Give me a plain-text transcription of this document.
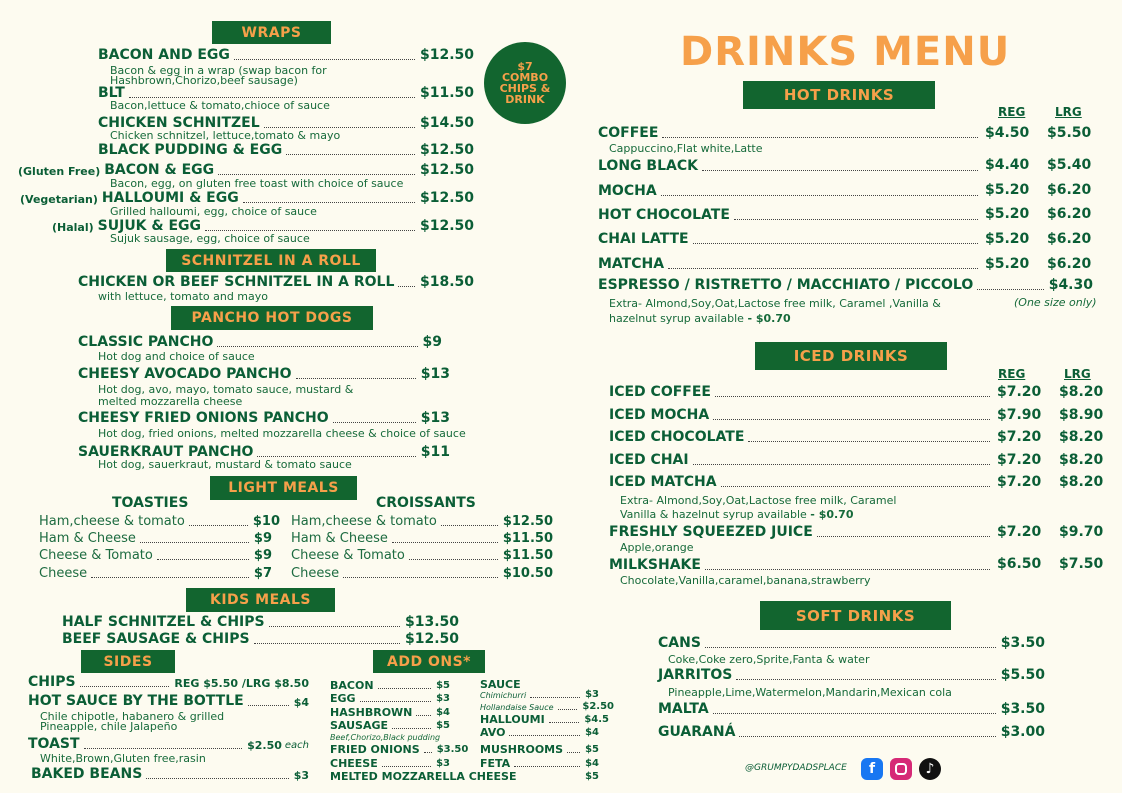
$7
COMBO
CHIPS &
DRINK
WRAPS
BACON AND EGG	$12.50
Bacon & egg in a wrap (swap bacon for
Hashbrown,Chorizo,beef sausage)
BLT	$11.50
Bacon,lettuce & tomato,chioce of sauce
CHICKEN SCHNITZEL	$14.50
Chicken schnitzel, lettuce,tomato & mayo
BLACK PUDDING & EGG	$12.50
(Gluten Free) BACON & EGG	$12.50
Bacon, egg, on gluten free toast with choice of sauce
(Vegetarian) HALLOUMI & EGG	$12.50
Grilled halloumi, egg, choice of sauce
(Halal) SUJUK & EGG	$12.50
Sujuk sausage, egg, choice of sauce
SCHNITZEL IN A ROLL
CHICKEN OR BEEF SCHNITZEL IN A ROLL $18.50
with lettuce, tomato and mayo
PANCHO HOT DOGS
CLASSIC PANCHO	$9
Hot dog and choice of sauce
CHEESY AVOCADO PANCHO	$13
Hot dog, avo, mayo, tomato sauce, mustard &
melted mozzarella cheese
CHEESY FRIED ONIONS PANCHO	$13
Hot dog, fried onions, melted mozzarella cheese & choice of sauce
SAUERKRAUT PANCHO	$11
Hot dog, sauerkraut, mustard & tomato sauce
LIGHT MEALS
TOASTIES	CROISSANTS
Ham,cheese & tomato	$10
Ham & Cheese	$9
Cheese & Tomato	$9
Cheese	$7
Ham,cheese & tomato	$12.50
Ham & Cheese	$11.50
Cheese & Tomato	$11.50
Cheese	$10.50
KIDS MEALS
HALF SCHNITZEL & CHIPS	$13.50
BEEF SAUSAGE & CHIPS	$12.50
SIDES	ADD ONS*
CHIPS	REG $5.50 /LRG $8.50
HOT SAUCE BY THE BOTTLE	$4
Chile chipotle, habanero & grilled
Pineapple, chile Jalapeño
TOAST	$2.50 each
White,Brown,Gluten free,rasin
BAKED BEANS	$3
BACON	$5
EGG	$3
HASHBROWN $4
SAUSAGE	$5
Beef,Chorizo,Black pudding
FRIED ONIONS $3.50
CHEESE	$3
SAUCE
Chimichurri	$3
Hollandaise Sauce	$2.50
HALLOUMI	$4.5
AVO	$4
MUSHROOMS $5
FETA	$4
MELTED MOZZARELLA CHEESE	$5
DRINKS MENU
HOT DRINKS
REG LRG
COFFEE	$4.50 $5.50
Cappuccino,Flat white,Latte
LONG BLACK	$4.40 $5.40
MOCHA	$5.20 $6.20
HOT CHOCOLATE	$5.20 $6.20
CHAI LATTE	$5.20 $6.20
MATCHA	$5.20 $6.20
ESPRESSO / RISTRETTO / MACCHIATO / PICCOLO	$4.30
Extra- Almond,Soy,Oat,Lactose free milk, Caramel ,Vanilla &	(One size only)
hazelnut syrup available - $0.70
ICED DRINKS
REG	LRG
ICED COFFEE	$7.20 $8.20
ICED MOCHA	$7.90 $8.90
ICED CHOCOLATE	$7.20 $8.20
ICED CHAI	$7.20 $8.20
ICED MATCHA	$7.20 $8.20
Extra- Almond,Soy,Oat,Lactose free milk, Caramel
Vanilla & hazelnut syrup available - $0.70
FRESHLY SQUEEZED JUICE	$7.20 $9.70
Apple,orange
MILKSHAKE	$6.50 $7.50
Chocolate,Vanilla,caramel,banana,strawberry
SOFT DRINKS
CANS	$3.50
Coke,Coke zero,Sprite,Fanta & water
JARRITOS	$5.50
Pineapple,Lime,Watermelon,Mandarin,Mexican cola
MALTA	$3.50
GUARANÁ	$3.00
@GRUMPYDADSPLACE	f	♪
